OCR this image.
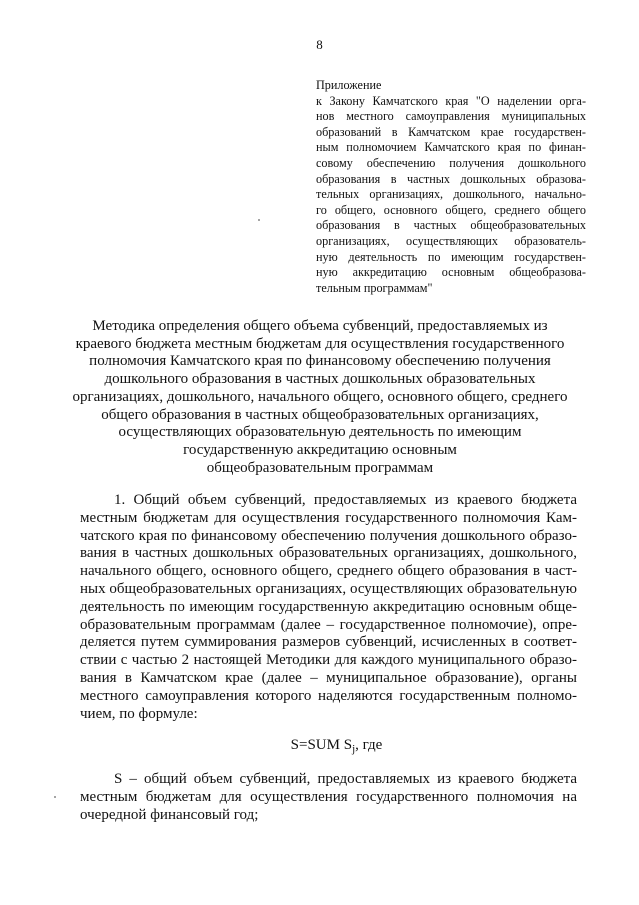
8
Приложение
к Закону Камчатского края "О наделении орга-
нов местного самоуправления муниципальных
образований в Камчатском крае государствен-
ным полномочием Камчатского края по финан-
совому обеспечению получения дошкольного
образования в частных дошкольных образова-
тельных организациях, дошкольного, начально-
го общего, основного общего, среднего общего
образования в частных общеобразовательных
организациях, осуществляющих образователь-
ную деятельность по имеющим государствен-
ную аккредитацию основным общеобразова-
тельным программам"
Методика определения общего объема субвенций, предоставляемых из
краевого бюджета местным бюджетам для осуществления государственного
полномочия Камчатского края по финансовому обеспечению получения
дошкольного образования в частных дошкольных образовательных
организациях, дошкольного, начального общего, основного общего, среднего
общего образования в частных общеобразовательных организациях,
осуществляющих образовательную деятельность по имеющим
государственную аккредитацию основным
общеобразовательным программам
1. Общий объем субвенций, предоставляемых из краевого бюджета
местным бюджетам для осуществления государственного полномочия Кам-
чатского края по финансовому обеспечению получения дошкольного образо-
вания в частных дошкольных образовательных организациях, дошкольного,
начального общего, основного общего, среднего общего образования в част-
ных общеобразовательных организациях, осуществляющих образовательную
деятельность по имеющим государственную аккредитацию основным обще-
образовательным программам (далее – государственное полномочие), опре-
деляется путем суммирования размеров субвенций, исчисленных в соответ-
ствии с частью 2 настоящей Методики для каждого муниципального образо-
вания в Камчатском крае (далее – муниципальное образование), органы
местного самоуправления которого наделяются государственным полномо-
чием, по формуле:
S=SUM $S_j$, где
S – общий объем субвенций, предоставляемых из краевого бюджета
местным бюджетам для осуществления государственного полномочия на
очередной финансовый год;
